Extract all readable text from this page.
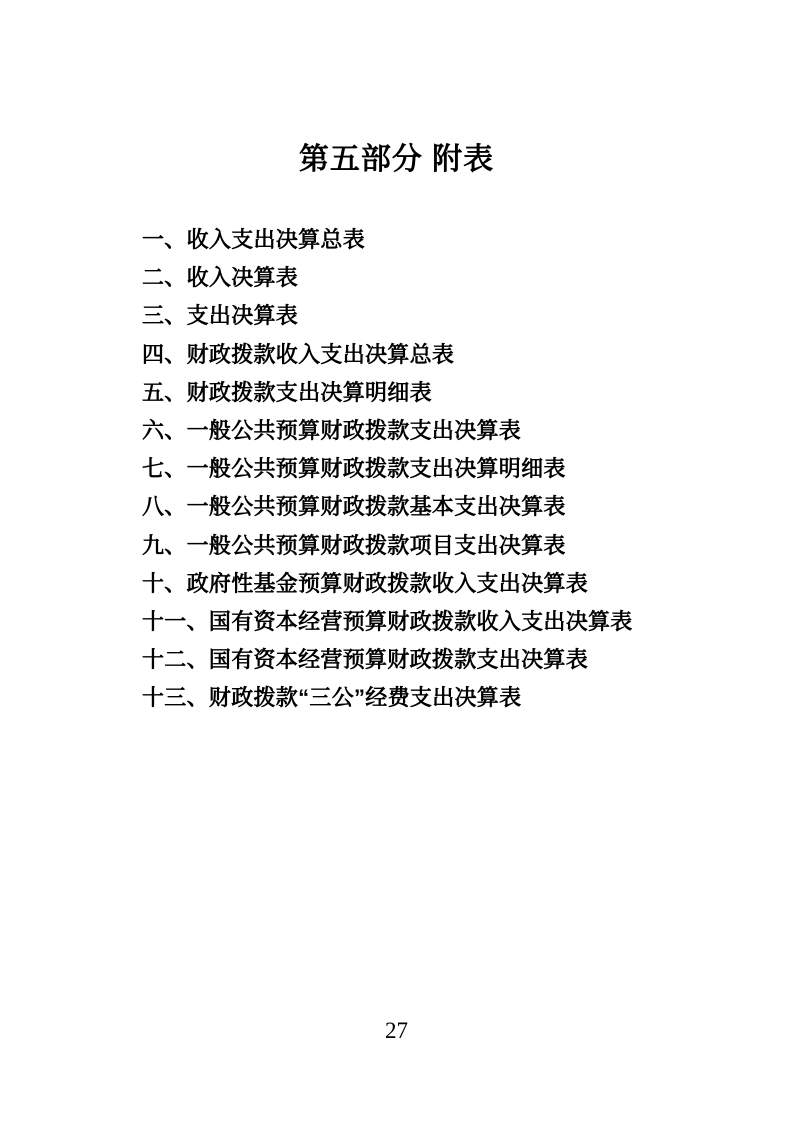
第五部分 附表
一、收入支出决算总表
二、收入决算表
三、支出决算表
四、财政拨款收入支出决算总表
五、财政拨款支出决算明细表
六、一般公共预算财政拨款支出决算表
七、一般公共预算财政拨款支出决算明细表
八、一般公共预算财政拨款基本支出决算表
九、一般公共预算财政拨款项目支出决算表
十、政府性基金预算财政拨款收入支出决算表
十一、国有资本经营预算财政拨款收入支出决算表
十二、国有资本经营预算财政拨款支出决算表
十三、财政拨款“三公”经费支出决算表
27
